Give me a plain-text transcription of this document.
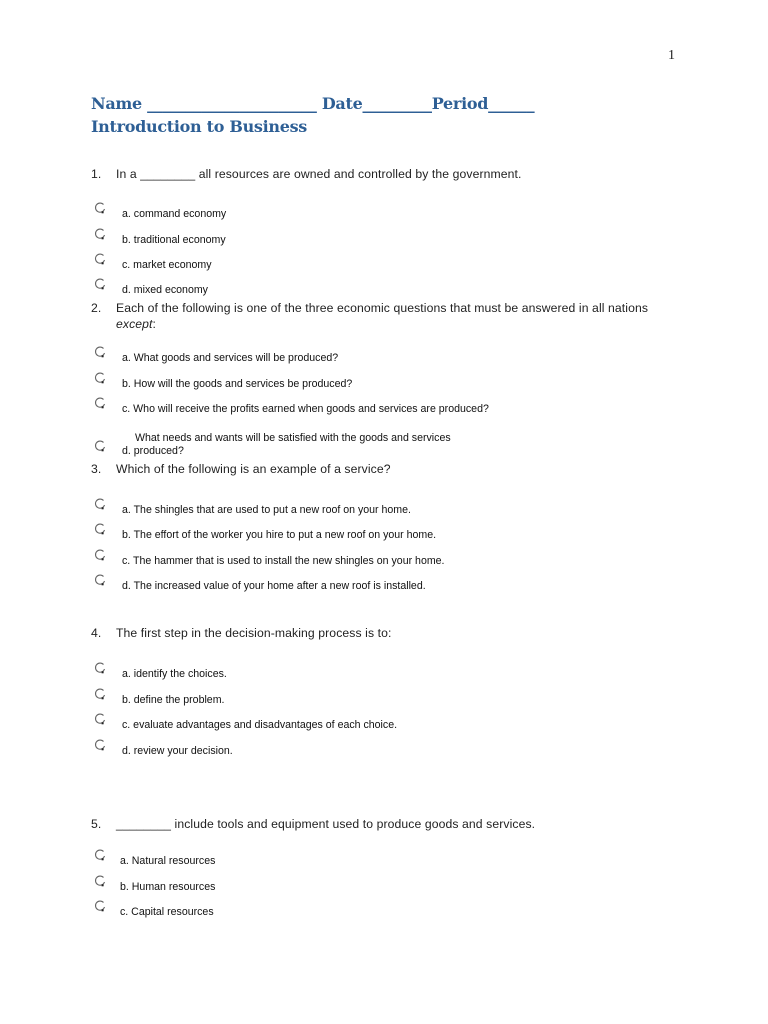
1
Name ______________________ Date_________Period______
Introduction to Business
1.	In a ________ all resources are owned and controlled by the government.
a. command economy
b. traditional economy
c. market economy
d. mixed economy
2.	Each of the following is one of the three economic questions that must be answered in all nations
except:
a. What goods and services will be produced?
b. How will the goods and services be produced?
c. Who will receive the profits earned when goods and services are produced?
What needs and wants will be satisfied with the goods and services
d. produced?
3.	Which of the following is an example of a service?
a. The shingles that are used to put a new roof on your home.
b. The effort of the worker you hire to put a new roof on your home.
c. The hammer that is used to install the new shingles on your home.
d. The increased value of your home after a new roof is installed.
4.	The first step in the decision-making process is to:
a. identify the choices.
b. define the problem.
c. evaluate advantages and disadvantages of each choice.
d. review your decision.
5.	________ include tools and equipment used to produce goods and services.
a. Natural resources
b. Human resources
c. Capital resources
